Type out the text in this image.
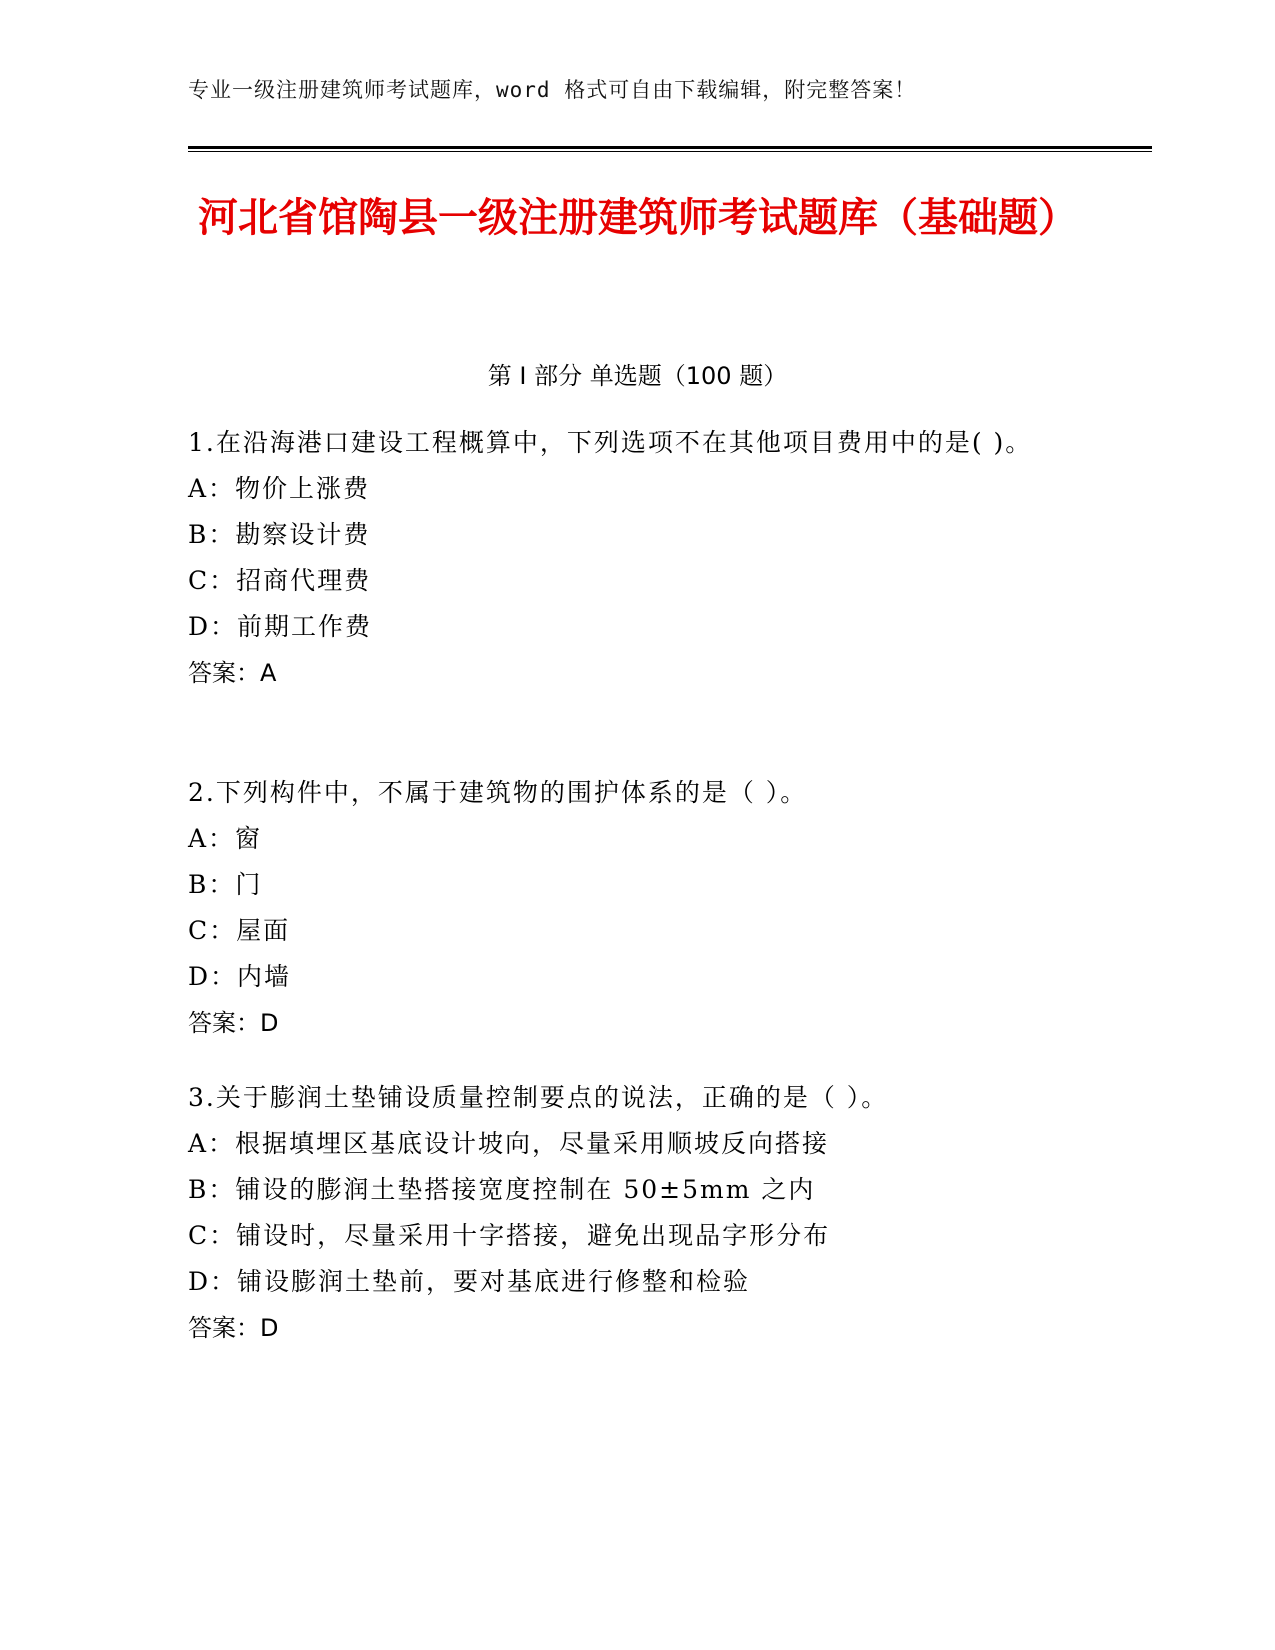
专业一级注册建筑师考试题库，word 格式可自由下载编辑，附完整答案！
河北省馆陶县一级注册建筑师考试题库（基础题）
第 I 部分 单选题（100 题）
1.在沿海港口建设工程概算中，下列选项不在其他项目费用中的是( )。
A：物价上涨费
B：勘察设计费
C：招商代理费
D：前期工作费
答案：A
2.下列构件中，不属于建筑物的围护体系的是（ ）。
A：窗
B：门
C：屋面
D：内墙
答案：D
3.关于膨润土垫铺设质量控制要点的说法，正确的是（ ）。
A：根据填埋区基底设计坡向，尽量采用顺坡反向搭接
B：铺设的膨润土垫搭接宽度控制在 50±5mm 之内
C：铺设时，尽量采用十字搭接，避免出现品字形分布
D：铺设膨润土垫前，要对基底进行修整和检验
答案：D
